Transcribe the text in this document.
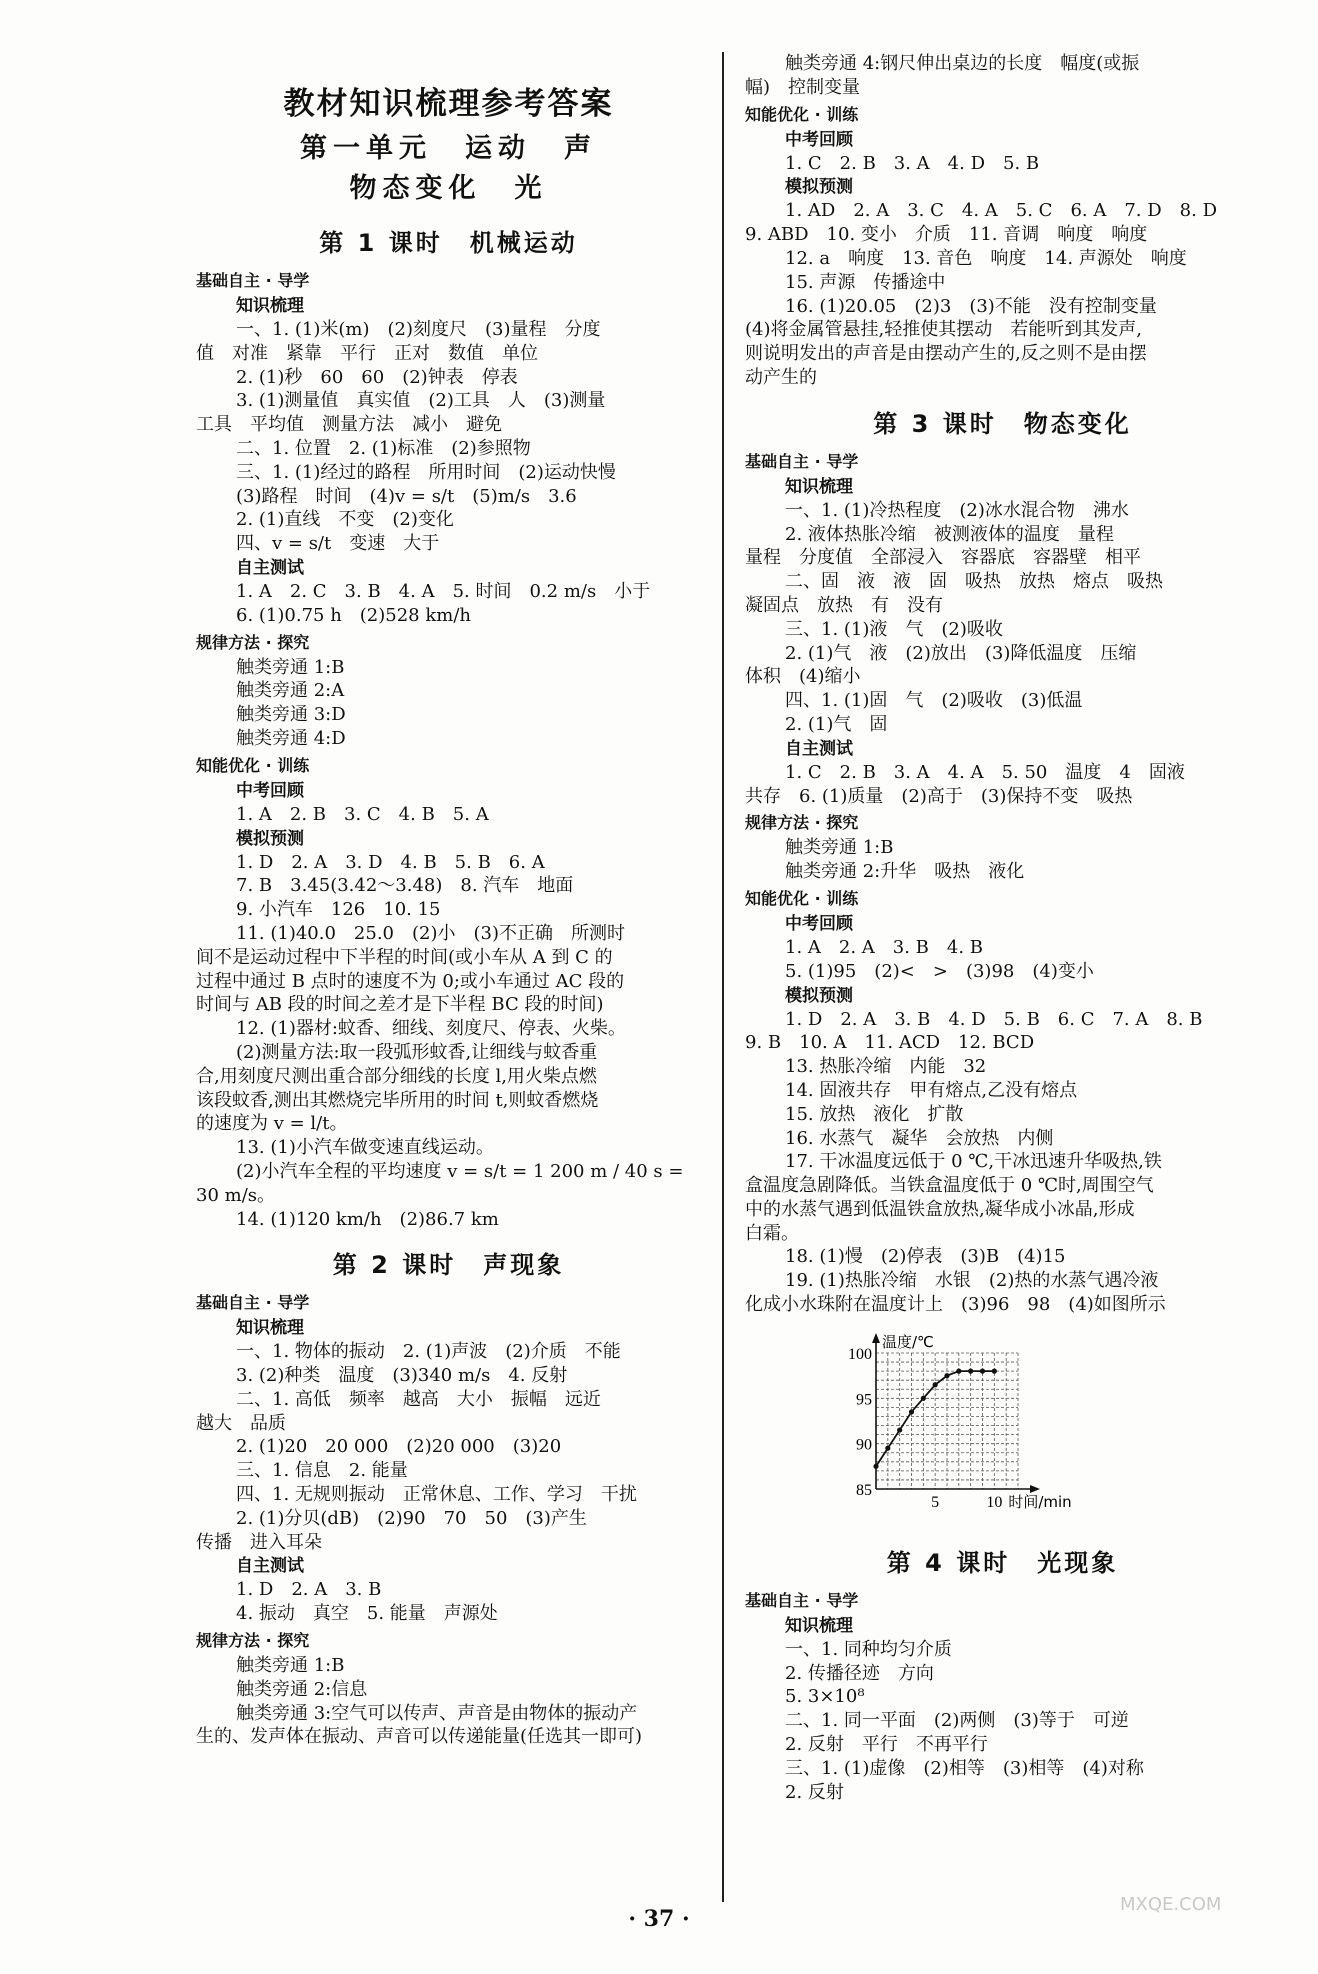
教材知识梳理参考答案
第一单元　运动　声
物态变化　光
第 1 课时　机械运动
基础自主 · 导学
知识梳理
一、1. (1)米(m)　(2)刻度尺　(3)量程　分度
值　对准　紧靠　平行　正对　数值　单位
2. (1)秒　60　60　(2)钟表　停表
3. (1)测量值　真实值　(2)工具　人　(3)测量
工具　平均值　测量方法　减小　避免
二、1. 位置　2. (1)标准　(2)参照物
三、1. (1)经过的路程　所用时间　(2)运动快慢
(3)路程　时间　(4)v = s/t　(5)m/s　3.6
2. (1)直线　不变　(2)变化
四、v = s/t　变速　大于
自主测试
1. A　2. C　3. B　4. A　5. 时间　0.2 m/s　小于
6. (1)0.75 h　(2)528 km/h
规律方法 · 探究
触类旁通 1:B
触类旁通 2:A
触类旁通 3:D
触类旁通 4:D
知能优化 · 训练
中考回顾
1. A　2. B　3. C　4. B　5. A
模拟预测
1. D　2. A　3. D　4. B　5. B　6. A
7. B　3.45(3.42～3.48)　8. 汽车　地面
9. 小汽车　126　10. 15
11. (1)40.0　25.0　(2)小　(3)不正确　所测时
间不是运动过程中下半程的时间(或小车从 A 到 C 的
过程中通过 B 点时的速度不为 0;或小车通过 AC 段的
时间与 AB 段的时间之差才是下半程 BC 段的时间)
12. (1)器材:蚊香、细线、刻度尺、停表、火柴。
(2)测量方法:取一段弧形蚊香,让细线与蚊香重
合,用刻度尺测出重合部分细线的长度 l,用火柴点燃
该段蚊香,测出其燃烧完毕所用的时间 t,则蚊香燃烧
的速度为 v = l/t。
13. (1)小汽车做变速直线运动。
(2)小汽车全程的平均速度 v = s/t = 1 200 m / 40 s =
30 m/s。
14. (1)120 km/h　(2)86.7 km
第 2 课时　声现象
基础自主 · 导学
知识梳理
一、1. 物体的振动　2. (1)声波　(2)介质　不能
3. (2)种类　温度　(3)340 m/s　4. 反射
二、1. 高低　频率　越高　大小　振幅　远近
越大　品质
2. (1)20　20 000　(2)20 000　(3)20
三、1. 信息　2. 能量
四、1. 无规则振动　正常休息、工作、学习　干扰
2. (1)分贝(dB)　(2)90　70　50　(3)产生
传播　进入耳朵
自主测试
1. D　2. A　3. B
4. 振动　真空　5. 能量　声源处
规律方法 · 探究
触类旁通 1:B
触类旁通 2:信息
触类旁通 3:空气可以传声、声音是由物体的振动产
生的、发声体在振动、声音可以传递能量(任选其一即可)
触类旁通 4:钢尺伸出桌边的长度　幅度(或振
幅)　控制变量
知能优化 · 训练
中考回顾
1. C　2. B　3. A　4. D　5. B
模拟预测
1. AD　2. A　3. C　4. A　5. C　6. A　7. D　8. D
9. ABD　10. 变小　介质　11. 音调　响度　响度
12. a　响度　13. 音色　响度　14. 声源处　响度
15. 声源　传播途中
16. (1)20.05　(2)3　(3)不能　没有控制变量
(4)将金属管悬挂,轻推使其摆动　若能听到其发声,
则说明发出的声音是由摆动产生的,反之则不是由摆
动产生的
第 3 课时　物态变化
基础自主 · 导学
知识梳理
一、1. (1)冷热程度　(2)冰水混合物　沸水
2. 液体热胀冷缩　被测液体的温度　量程
量程　分度值　全部浸入　容器底　容器壁　相平
二、固　液　液　固　吸热　放热　熔点　吸热
凝固点　放热　有　没有
三、1. (1)液　气　(2)吸收
2. (1)气　液　(2)放出　(3)降低温度　压缩
体积　(4)缩小
四、1. (1)固　气　(2)吸收　(3)低温
2. (1)气　固
自主测试
1. C　2. B　3. A　4. A　5. 50　温度　4　固液
共存　6. (1)质量　(2)高于　(3)保持不变　吸热
规律方法 · 探究
触类旁通 1:B
触类旁通 2:升华　吸热　液化
知能优化 · 训练
中考回顾
1. A　2. A　3. B　4. B
5. (1)95　(2)<　>　(3)98　(4)变小
模拟预测
1. D　2. A　3. B　4. D　5. B　6. C　7. A　8. B
9. B　10. A　11. ACD　12. BCD
13. 热胀冷缩　内能　32
14. 固液共存　甲有熔点,乙没有熔点
15. 放热　液化　扩散
16. 水蒸气　凝华　会放热　内侧
17. 干冰温度远低于 0 ℃,干冰迅速升华吸热,铁
盒温度急剧降低。当铁盒温度低于 0 ℃时,周围空气
中的水蒸气遇到低温铁盒放热,凝华成小冰晶,形成
白霜。
18. (1)慢　(2)停表　(3)B　(4)15
19. (1)热胀冷缩　水银　(2)热的水蒸气遇冷液
化成小水珠附在温度计上　(3)96　98　(4)如图所示
85
90
95
100
5	10
温度/℃
时间/min
第 4 课时　光现象
基础自主 · 导学
知识梳理
一、1. 同种均匀介质
2. 传播径迹　方向
5. 3×10⁸
二、1. 同一平面　(2)两侧　(3)等于　可逆
2. 反射　平行　不再平行
三、1. (1)虚像　(2)相等　(3)相等　(4)对称
2. 反射
· 37 ·
MXQE.COM
